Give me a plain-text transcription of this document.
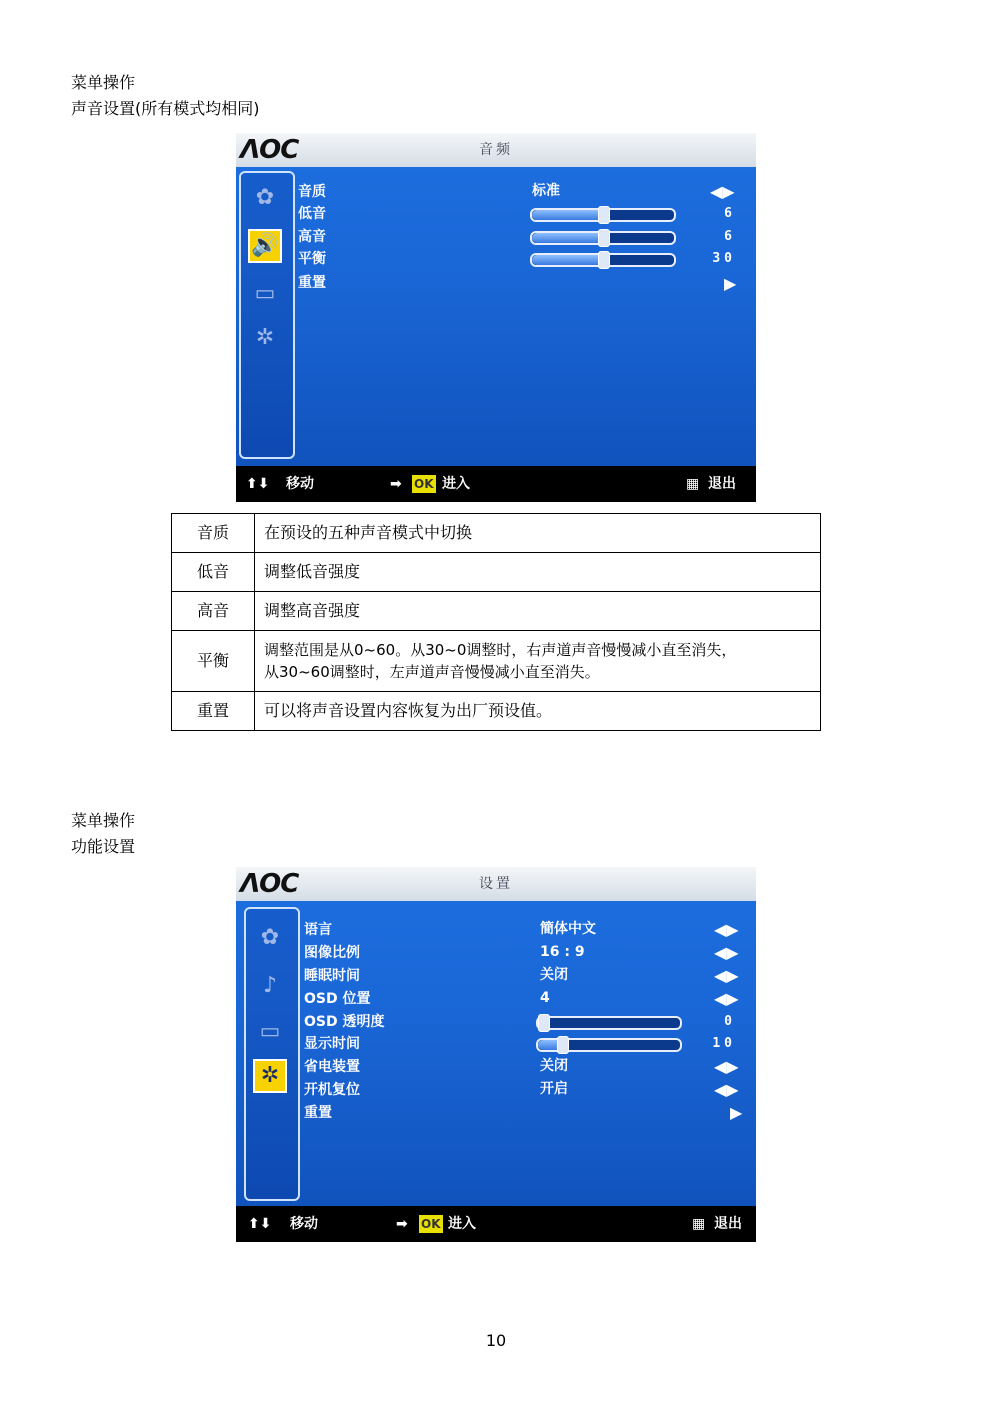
菜单操作
声音设置(所有模式均相同)
ΛOC	音频
✿
🔊
▭
✲
音质	标准	◀▶
低音	6
高音	6
平衡	30
重置	▶
⬆⬇ 移动	➡ OK 进入	▦ 退出
音质	在预设的五种声音模式中切换
低音	调整低音强度
高音	调整高音强度
平衡	调整范围是从0~60。从30~0调整时，右声道声音慢慢减小直至消失，
从30~60调整时，左声道声音慢慢减小直至消失。

重置	可以将声音设置内容恢复为出厂预设值。
菜单操作
功能设置
ΛOC	设置
✿
♪
▭
✲
语言	簡体中文	◀▶
图像比例	16 : 9	◀▶
睡眠时间	关闭	◀▶
OSD 位置	4	◀▶
OSD 透明度	0
显示时间	10
省电装置	关闭	◀▶
开机复位	开启	◀▶
重置	▶
⬆⬇ 移动	➡ OK 进入	▦ 退出
10
